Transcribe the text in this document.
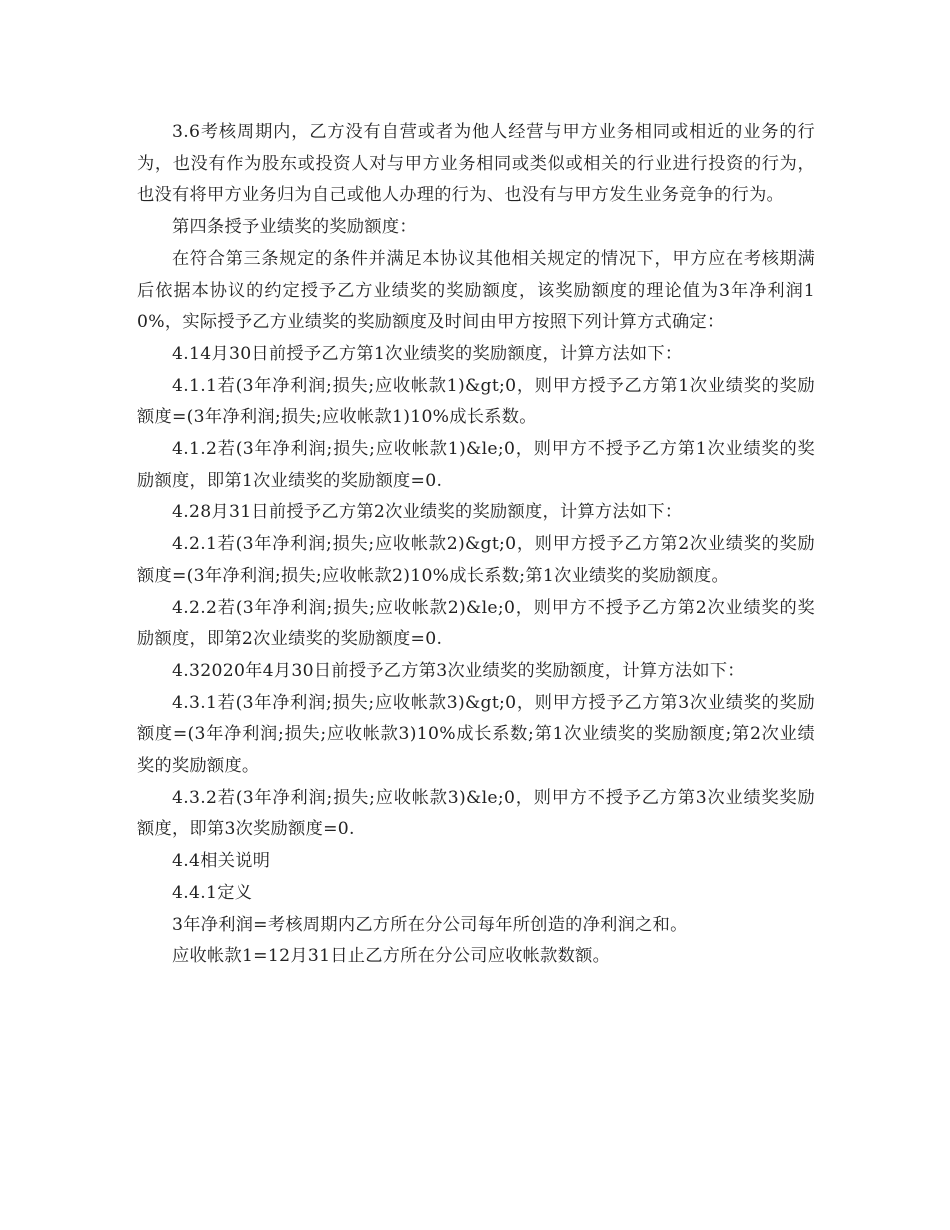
3.6考核周期内，乙方没有自营或者为他人经营与甲方业务相同或相近的业务的行为，也没有作为股东或投资人对与甲方业务相同或类似或相关的行业进行投资的行为，也没有将甲方业务归为自己或他人办理的行为、也没有与甲方发生业务竞争的行为。

第四条授予业绩奖的奖励额度：

在符合第三条规定的条件并满足本协议其他相关规定的情况下，甲方应在考核期满后依据本协议的约定授予乙方业绩奖的奖励额度，该奖励额度的理论值为3年净利润10%，实际授予乙方业绩奖的奖励额度及时间由甲方按照下列计算方式确定：

4.14月30日前授予乙方第1次业绩奖的奖励额度，计算方法如下：

4.1.1若(3年净利润;损失;应收帐款1)&gt;0，则甲方授予乙方第1次业绩奖的奖励额度=(3年净利润;损失;应收帐款1)10%成长系数。

4.1.2若(3年净利润;损失;应收帐款1)&le;0，则甲方不授予乙方第1次业绩奖的奖励额度，即第1次业绩奖的奖励额度=0.

4.28月31日前授予乙方第2次业绩奖的奖励额度，计算方法如下：

4.2.1若(3年净利润;损失;应收帐款2)&gt;0，则甲方授予乙方第2次业绩奖的奖励额度=(3年净利润;损失;应收帐款2)10%成长系数;第1次业绩奖的奖励额度。

4.2.2若(3年净利润;损失;应收帐款2)&le;0，则甲方不授予乙方第2次业绩奖的奖励额度，即第2次业绩奖的奖励额度=0.

4.32020年4月30日前授予乙方第3次业绩奖的奖励额度，计算方法如下：

4.3.1若(3年净利润;损失;应收帐款3)&gt;0，则甲方授予乙方第3次业绩奖的奖励额度=(3年净利润;损失;应收帐款3)10%成长系数;第1次业绩奖的奖励额度;第2次业绩奖的奖励额度。

4.3.2若(3年净利润;损失;应收帐款3)&le;0，则甲方不授予乙方第3次业绩奖奖励额度，即第3次奖励额度=0.

4.4相关说明

4.4.1定义

3年净利润=考核周期内乙方所在分公司每年所创造的净利润之和。

应收帐款1=12月31日止乙方所在分公司应收帐款数额。
